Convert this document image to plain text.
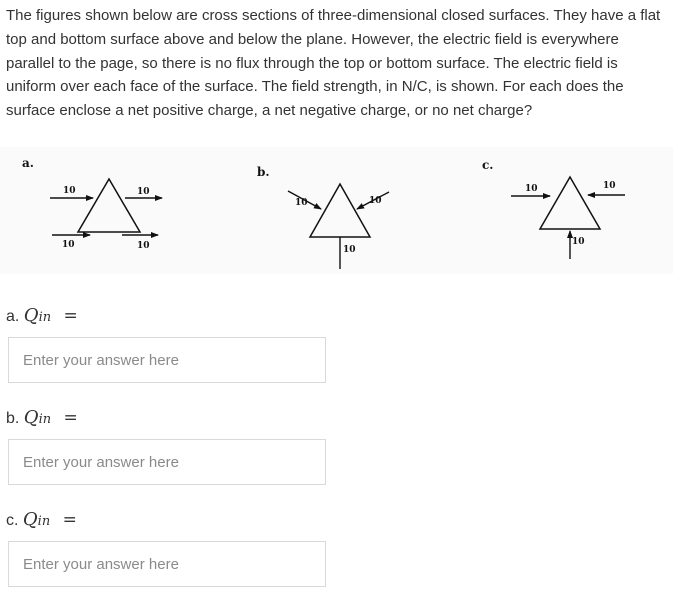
The figures shown below are cross sections of three-dimensional closed surfaces. They have a flat top and bottom surface above and below the plane. However, the electric field is everywhere parallel to the page, so there is no flux through the top or bottom surface. The electric field is uniform over each face of the surface. The field strength, in N/C, is shown. For each does the surface enclose a net positive charge, a net negative charge, or no net charge?

a.
10	10
10	10
b.
10	10
10
c.
10	10
10
a. Qin =
Enter your answer here
b. Qin =
Enter your answer here
c. Qin =
Enter your answer here
